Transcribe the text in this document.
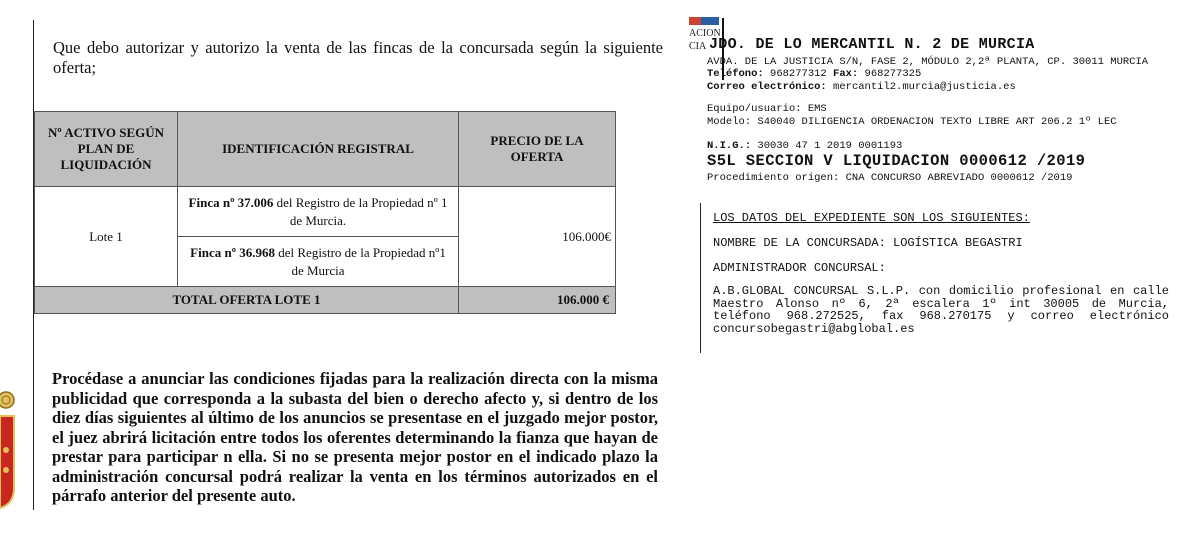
Que debo autorizar y autorizo la venta de las fincas de la concursada según la siguiente oferta;

Nº ACTIVO SEGÚN PLAN DE LIQUIDACIÓN	IDENTIFICACIÓN REGISTRAL	PRECIO DE LA OFERTA
Lote 1	Finca nº 37.006 del Registro de la Propiedad nº 1 de Murcia.	106.000€
	Finca nº 36.968 del Registro de la Propiedad nº1 de Murcia	
TOTAL OFERTA LOTE 1		106.000 €

Procédase a anunciar las condiciones fijadas para la realización directa con la misma publicidad que corresponda a la subasta del bien o derecho afecto y, si dentro de los diez días siguientes al último de los anuncios se presentase en el juzgado mejor postor, el juez abrirá licitación entre todos los oferentes determinando la fianza que hayan de prestar para participar n ella. Si no se presenta mejor postor en el indicado plazo la administración concursal podrá realizar la venta en los términos autorizados en el párrafo anterior del presente auto.

ACION
CIA JDO. DE LO MERCANTIL N. 2 DE MURCIA
AVDA. DE LA JUSTICIA S/N, FASE 2, MÓDULO 2,2ª PLANTA, CP. 30011 MURCIA
Teléfono: 968277312 Fax: 968277325
Correo electrónico: mercantil2.murcia@justicia.es
Equipo/usuario: EMS
Modelo: S40040 DILIGENCIA ORDENACION TEXTO LIBRE ART 206.2 1º LEC
N.I.G.: 30030 47 1 2019 0001193
S5L SECCION V LIQUIDACION 0000612 /2019
Procedimiento origen: CNA CONCURSO ABREVIADO 0000612 /2019
LOS DATOS DEL EXPEDIENTE SON LOS SIGUIENTES:
NOMBRE DE LA CONCURSADA: LOGÍSTICA BEGASTRI
ADMINISTRADOR CONCURSAL:
A.B.GLOBAL CONCURSAL S.L.P. con domicilio profesional en calle Maestro Alonso nº 6, 2ª escalera 1º int 30005 de Murcia, teléfono 968.272525, fax 968.270175 y correo electrónico concursobegastri@abglobal.es
